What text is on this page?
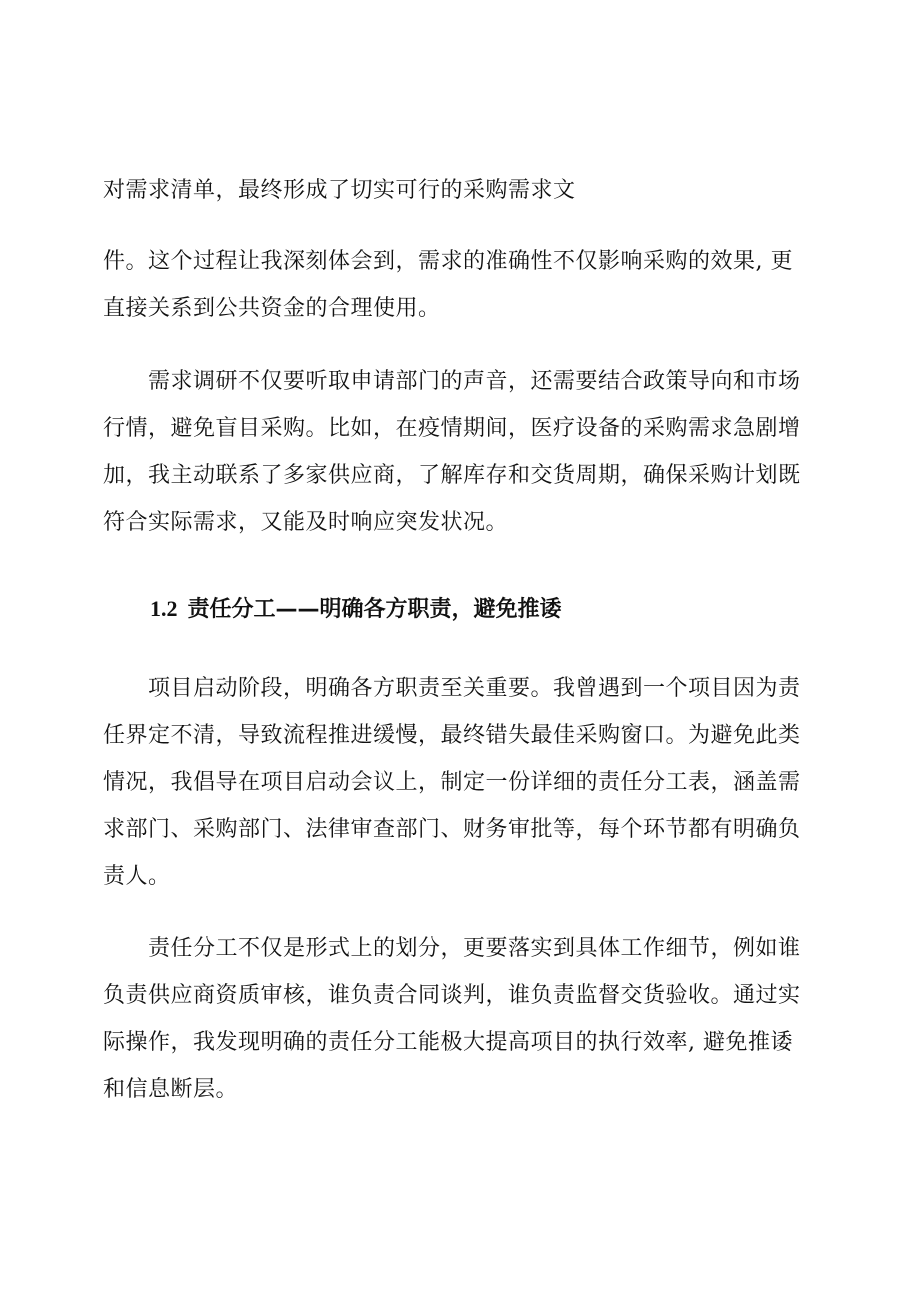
对需求清单，最终形成了切实可行的采购需求文
件。这个过程让我深刻体会到，需求的准确性不仅影响采购的效果, 更
直接关系到公共资金的合理使用。
需求调研不仅要听取申请部门的声音，还需要结合政策导向和市场
行情，避免盲目采购。比如，在疫情期间，医疗设备的采购需求急剧增
加，我主动联系了多家供应商，了解库存和交货周期，确保采购计划既
符合实际需求，又能及时响应突发状况。
1.2 责任分工——明确各方职责，避免推诿
项目启动阶段，明确各方职责至关重要。我曾遇到一个项目因为责
任界定不清，导致流程推进缓慢，最终错失最佳采购窗口。为避免此类
情况，我倡导在项目启动会议上，制定一份详细的责任分工表，涵盖需
求部门、采购部门、法律审查部门、财务审批等，每个环节都有明确负
责人。
责任分工不仅是形式上的划分，更要落实到具体工作细节，例如谁
负责供应商资质审核，谁负责合同谈判，谁负责监督交货验收。通过实
际操作，我发现明确的责任分工能极大提高项目的执行效率, 避免推诿
和信息断层。
